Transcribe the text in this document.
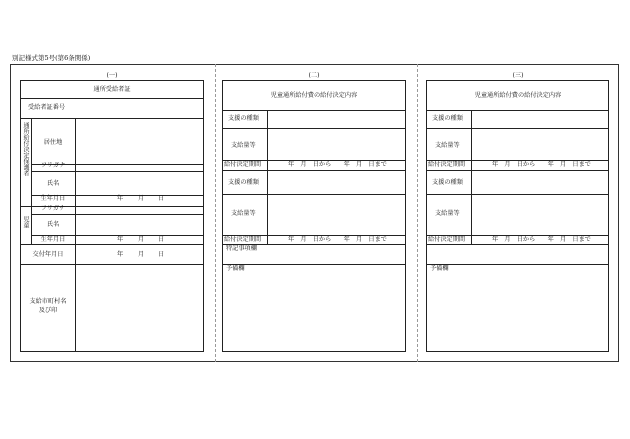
別記様式第5号(第6条関係)
(一)	(二)	(三)
通所受給者証
受給者証番号
通所給付決定保護者 居住地
フリガナ
氏名
生年月日	年 月 日
児童
フリガナ
氏名
生年月日	年 月 日
交付年月日	年 月 日
支給市町村名
及び印
児童通所給付費の給付決定内容
支援の種類
支給量等
給付決定期間	年　月　日から　　年　月　日まで
支援の種類
支給量等
給付決定期間	年　月　日から　　年　月　日まで
特記事項欄
予備欄
児童通所給付費の給付決定内容
支援の種類
支給量等
給付決定期間	年　月　日から　　年　月　日まで
支援の種類
支給量等
給付決定期間	年　月　日から　　年　月　日まで
予備欄
